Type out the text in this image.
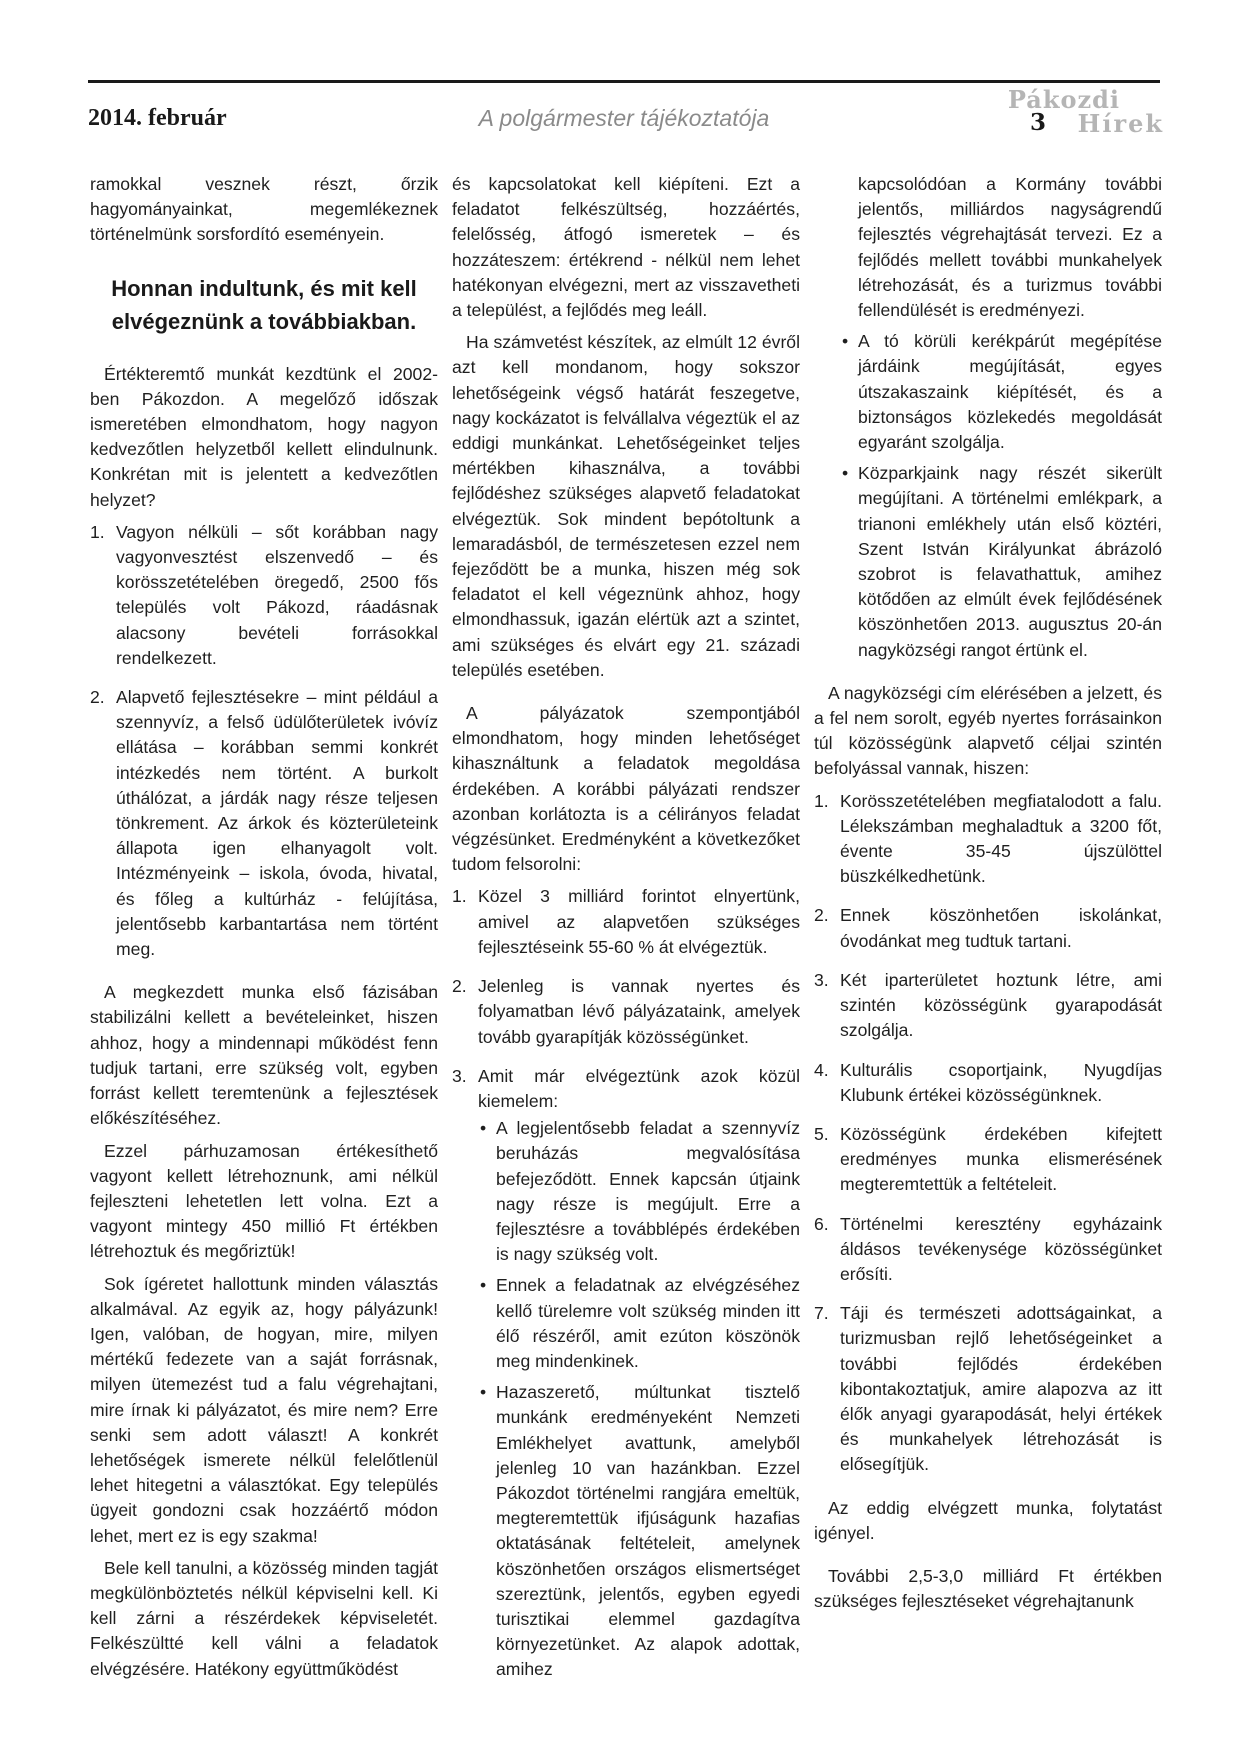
2014. február	A polgármester tájékoztatója
Pákozdi
3 Hírek

ramokkal vesznek részt, őrzik hagyományainkat, megemlékeznek történelmünk sorsfordító eseményein.

Honnan indultunk, és mit kell elvégeznünk a továbbiakban.

Értékteremtő munkát kezdtünk el 2002-ben Pákozdon. A megelőző időszak ismeretében elmondhatom, hogy nagyon kedvezőtlen helyzetből kellett elindulnunk. Konkrétan mit is jelentett a kedvezőtlen helyzet?

1. Vagyon nélküli – sőt korábban nagy vagyonvesztést elszenvedő – és korösszetételében öregedő, 2500 fős település volt Pákozd, ráadásnak alacsony bevételi forrásokkal rendelkezett.
2. Alapvető fejlesztésekre – mint például a szennyvíz, a felső üdülőterületek ivóvíz ellátása – korábban semmi konkrét intézkedés nem történt. A burkolt úthálózat, a járdák nagy része teljesen tönkrement. Az árkok és közterületeink állapota igen elhanyagolt volt. Intézményeink – iskola, óvoda, hivatal, és főleg a kultúrház - felújítása, jelentősebb karbantartása nem történt meg.

A megkezdett munka első fázisában stabilizálni kellett a bevételeinket, hiszen ahhoz, hogy a mindennapi működést fenn tudjuk tartani, erre szükség volt, egyben forrást kellett teremtenünk a fejlesztések előkészítéséhez.

Ezzel párhuzamosan értékesíthető vagyont kellett létrehoznunk, ami nélkül fejleszteni lehetetlen lett volna. Ezt a vagyont mintegy 450 millió Ft értékben létrehoztuk és megőriztük!

Sok ígéretet hallottunk minden választás alkalmával. Az egyik az, hogy pályázunk! Igen, valóban, de hogyan, mire, milyen mértékű fedezete van a saját forrásnak, milyen ütemezést tud a falu végrehajtani, mire írnak ki pályázatot, és mire nem? Erre senki sem adott választ! A konkrét lehetőségek ismerete nélkül felelőtlenül lehet hitegetni a választókat. Egy település ügyeit gondozni csak hozzáértő módon lehet, mert ez is egy szakma!

Bele kell tanulni, a közösség minden tagját megkülönböztetés nélkül képviselni kell. Ki kell zárni a részérdekek képviseletét. Felkészültté kell válni a feladatok elvégzésére. Hatékony együttműködést

és kapcsolatokat kell kiépíteni. Ezt a feladatot felkészültség, hozzáértés, felelősség, átfogó ismeretek – és hozzáteszem: értékrend - nélkül nem lehet hatékonyan elvégezni, mert az visszavetheti a települést, a fejlődés meg leáll.

Ha számvetést készítek, az elmúlt 12 évről azt kell mondanom, hogy sokszor lehetőségeink végső határát feszegetve, nagy kockázatot is felvállalva végeztük el az eddigi munkánkat. Lehetőségeinket teljes mértékben kihasználva, a további fejlődéshez szükséges alapvető feladatokat elvégeztük. Sok mindent bepótoltunk a lemaradásból, de természetesen ezzel nem fejeződött be a munka, hiszen még sok feladatot el kell végeznünk ahhoz, hogy elmondhassuk, igazán elértük azt a szintet, ami szükséges és elvárt egy 21. századi település esetében.

A pályázatok szempontjából elmondhatom, hogy minden lehetőséget kihasználtunk a feladatok megoldása érdekében. A korábbi pályázati rendszer azonban korlátozta is a célirányos feladat végzésünket. Eredményként a következőket tudom felsorolni:

1. Közel 3 milliárd forintot elnyertünk, amivel az alapvetően szükséges fejlesztéseink 55-60 % át elvégeztük.
2. Jelenleg is vannak nyertes és folyamatban lévő pályázataink, amelyek tovább gyarapítják közösségünket.
3. Amit már elvégeztünk azok közül kiemelem:
• A legjelentősebb feladat a szennyvíz beruházás megvalósítása befejeződött. Ennek kapcsán útjaink nagy része is megújult. Erre a fejlesztésre a továbblépés érdekében is nagy szükség volt.
• Ennek a feladatnak az elvégzéséhez kellő türelemre volt szükség minden itt élő részéről, amit ezúton köszönök meg mindenkinek.
• Hazaszerető, múltunkat tisztelő munkánk eredményeként Nemzeti Emlékhelyet avattunk, amelyből jelenleg 10 van hazánkban. Ezzel Pákozdot történelmi rangjára emeltük, megteremtettük ifjúságunk hazafias oktatásának feltételeit, amelynek köszönhetően országos elismertséget szereztünk, jelentős, egyben egyedi turisztikai elemmel gazdagítva környezetünket. Az alapok adottak, amihez
kapcsolódóan a Kormány további jelentős, milliárdos nagyságrendű fejlesztés végrehajtását tervezi. Ez a fejlődés mellett további munkahelyek létrehozását, és a turizmus további fellendülését is eredményezi.
• A tó körüli kerékpárút megépítése járdáink megújítását, egyes útszakaszaink kiépítését, és a biztonságos közlekedés megoldását egyaránt szolgálja.
• Közparkjaink nagy részét sikerült megújítani. A történelmi emlékpark, a trianoni emlékhely után első köztéri, Szent István Királyunkat ábrázoló szobrot is felavathattuk, amihez kötődően az elmúlt évek fejlődésének köszönhetően 2013. augusztus 20-án nagyközségi rangot értünk el.

A nagyközségi cím elérésében a jelzett, és a fel nem sorolt, egyéb nyertes forrásainkon túl közösségünk alapvető céljai szintén befolyással vannak, hiszen:

1. Korösszetételében megfiatalodott a falu. Lélekszámban meghaladtuk a 3200 főt, évente 35-45 újszülöttel büszkélkedhetünk.
2. Ennek köszönhetően iskolánkat, óvodánkat meg tudtuk tartani.
3. Két iparterületet hoztunk létre, ami szintén közösségünk gyarapodását szolgálja.
4. Kulturális csoportjaink, Nyugdíjas Klubunk értékei közösségünknek.
5. Közösségünk érdekében kifejtett eredményes munka elismerésének megteremtettük a feltételeit.
6. Történelmi keresztény egyházaink áldásos tevékenysége közösségünket erősíti.
7. Táji és természeti adottságainkat, a turizmusban rejlő lehetőségeinket a további fejlődés érdekében kibontakoztatjuk, amire alapozva az itt élők anyagi gyarapodását, helyi értékek és munkahelyek létrehozását is elősegítjük.

Az eddig elvégzett munka, folytatást igényel.

További 2,5-3,0 milliárd Ft értékben szükséges fejlesztéseket végrehajtanunk
